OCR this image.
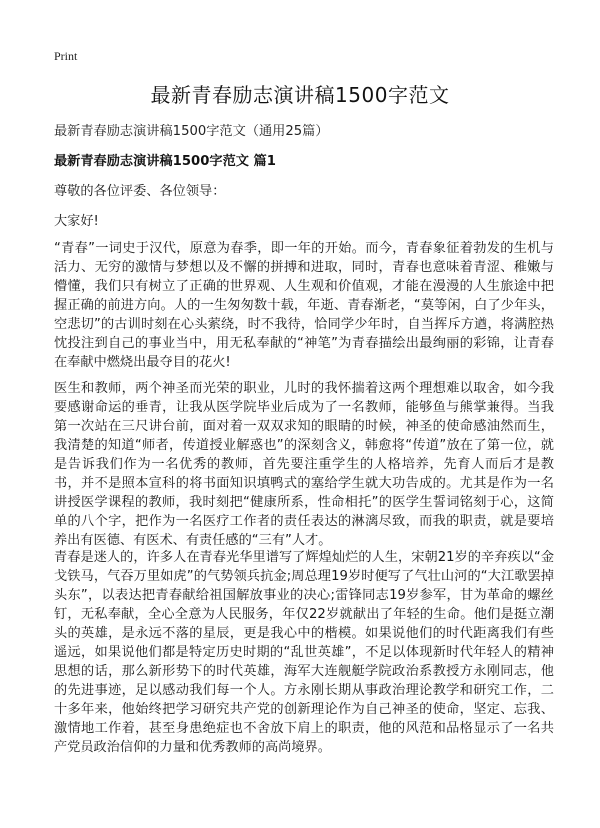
Print
最新青春励志演讲稿1500字范文
最新青春励志演讲稿1500字范文（通用25篇）
最新青春励志演讲稿1500字范文 篇1
尊敬的各位评委、各位领导：
大家好!
“青春”一词史于汉代，原意为春季，即一年的开始。而今，青春象征着勃发的生机与活力、无穷的激情与梦想以及不懈的拼搏和进取，同时，青春也意味着青涩、稚嫩与懵懂，我们只有树立了正确的世界观、人生观和价值观，才能在漫漫的人生旅途中把握正确的前进方向。人的一生匆匆数十载，年逝、青春渐老，“莫等闲，白了少年头，空悲切”的古训时刻在心头萦绕，时不我待，恰同学少年时，自当挥斥方遒，将满腔热忱投注到自己的事业当中，用无私奉献的“神笔”为青春描绘出最绚丽的彩锦，让青春在奉献中燃烧出最夺目的花火!
医生和教师，两个神圣而光荣的职业，儿时的我怀揣着这两个理想难以取舍，如今我要感谢命运的垂青，让我从医学院毕业后成为了一名教师，能够鱼与熊掌兼得。当我第一次站在三尺讲台前，面对着一双双求知的眼睛的时候，神圣的使命感油然而生，我清楚的知道“师者，传道授业解惑也”的深刻含义，韩愈将“传道”放在了第一位，就是告诉我们作为一名优秀的教师，首先要注重学生的人格培养，先育人而后才是教书，并不是照本宣科的将书面知识填鸭式的塞给学生就大功告成的。尤其是作为一名讲授医学课程的教师，我时刻把“健康所系，性命相托”的医学生誓词铭刻于心，这简单的八个字，把作为一名医疗工作者的责任表达的淋漓尽致，而我的职责，就是要培养出有医德、有医术、有责任感的“三有”人才。
青春是迷人的，许多人在青春光华里谱写了辉煌灿烂的人生，宋朝21岁的辛弃疾以“金戈铁马，气吞万里如虎”的气势领兵抗金;周总理19岁时便写了气壮山河的“大江歌罢掉头东”，以表达把青春献给祖国解放事业的决心;雷锋同志19岁参军，甘为革命的螺丝钉，无私奉献，全心全意为人民服务，年仅22岁就献出了年轻的生命。他们是挺立潮头的英雄，是永远不落的星辰，更是我心中的楷模。如果说他们的时代距离我们有些遥远，如果说他们都是特定历史时期的“乱世英雄”，不足以体现新时代年轻人的精神思想的话，那么新形势下的时代英雄，海军大连舰艇学院政治系教授方永刚同志，他的先进事迹，足以感动我们每一个人。方永刚长期从事政治理论教学和研究工作，二十多年来，他始终把学习研究共产党的创新理论作为自己神圣的使命，坚定、忘我、激情地工作着，甚至身患绝症也不舍放下肩上的职责，他的风范和品格显示了一名共产党员政治信仰的力量和优秀教师的高尚境界。
